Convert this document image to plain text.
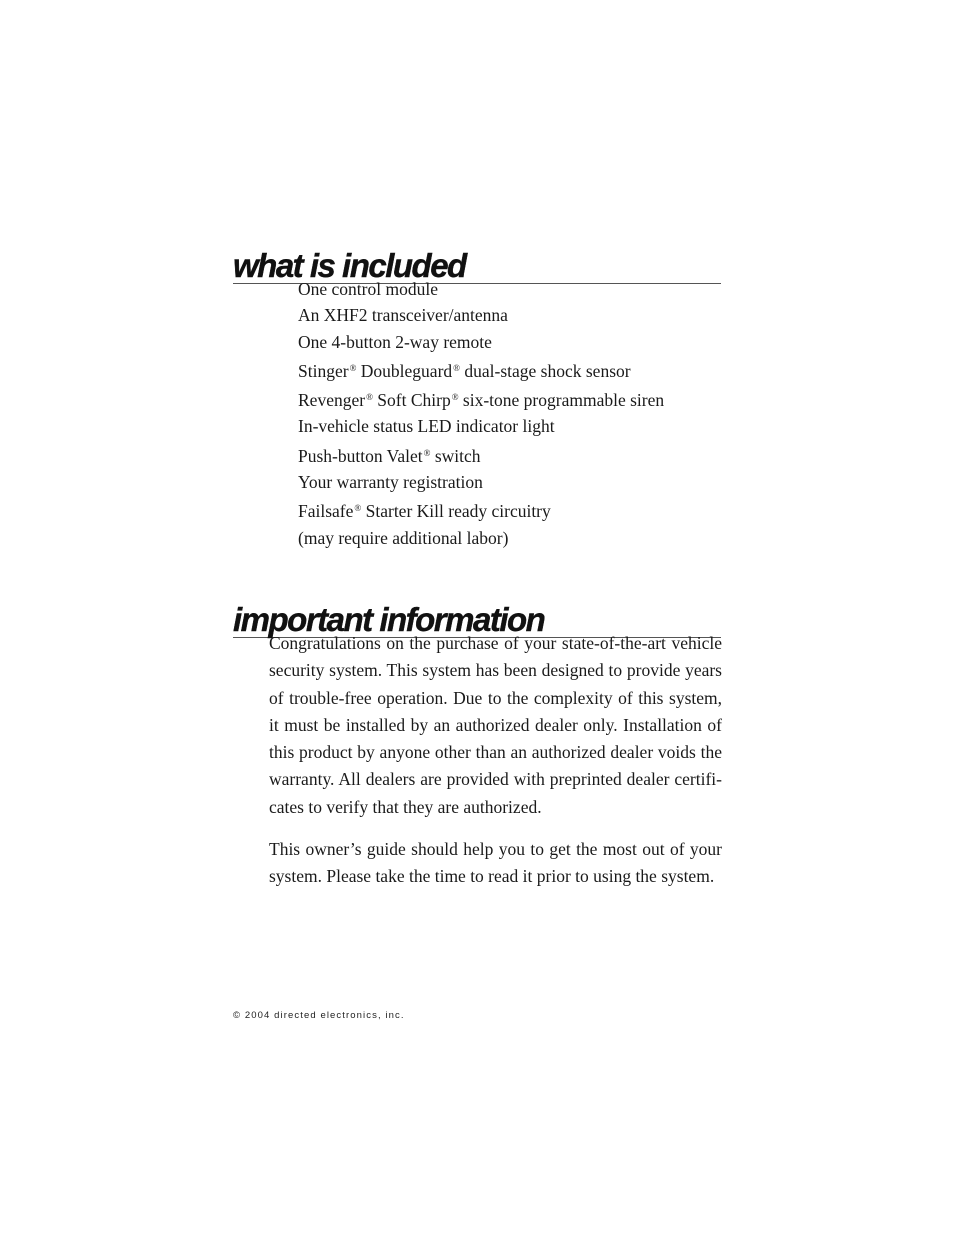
what is included
One control module
An XHF2 transceiver/antenna
One 4-button 2-way remote
Stinger® Doubleguard® dual-stage shock sensor
Revenger® Soft Chirp® six-tone programmable siren
In-vehicle status LED indicator light
Push-button Valet® switch
Your warranty registration
Failsafe® Starter Kill ready circuitry
(may require additional labor)
important information

Congratulations on the purchase of your state-of-the-art vehicle security system. This system has been designed to provide years of trouble-free operation. Due to the complexity of this system, it must be installed by an authorized dealer only. Installation of this product by anyone other than an authorized dealer voids the warranty. All dealers are provided with preprinted dealer certifi-cates to verify that they are authorized.

This owner’s guide should help you to get the most out of your system. Please take the time to read it prior to using the system.

© 2004 directed electronics, inc.
